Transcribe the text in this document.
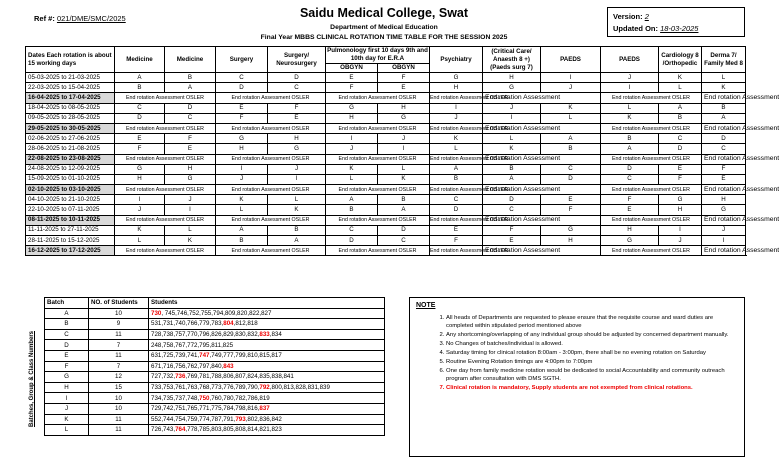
Ref #: 021/DME/SMC/2025	Saidu Medical College, Swat
Department of Medical Education
Final Year MBBS CLINICAL ROTATION TIME TABLE FOR THE SESSION 2025
Version: 2
Updated On: 18-03-2025
Dates Each rotation is about 15 working days	Medicine	Medicine	Surgery	Surgery/ Neurosurgery	Pulmonology first 10 days 9th and 10th day for E.R.A		Psychiatry	(Critical Care/ Anaesth 8 +) (Paeds surg 7)	PAEDS	PAEDS	Cardiology 8 /Orthopedic	Derma 7/ Family Med 8
					OBGYN	OBGYN						
05-03-2025 to 21-03-2025	A	B	C	D	E	F	G	H	I	J	K	L
22-03-2025 to 15-04-2025	B	A	D	C	F	E	H	G	J	I	L	K
16-04-2025 to 17-04-2025	End rotation Assessment OSLER		End rotation Assessment OSLER		End rotation Assessment OSLER		End rotation Assessment OSLER	End rotation Assessment		End rotation Assessment OSLER		End rotation Assessment
18-04-2025 to 08-05-2025	C	D	E	F	G	H	I	J	K	L	A	B
09-05-2025 to 28-05-2025	D	C	F	E	H	G	J	I	L	K	B	A
29-05-2025 to 30-05-2025	End rotation Assessment OSLER		End rotation Assessment OSLER		End rotation Assessment OSLER		End rotation Assessment OSLER	End rotation Assessment		End rotation Assessment OSLER		End rotation Assessment
02-06-2025 to 27-06-2025	E	F	G	H	I	J	K	L	A	B	C	D
28-06-2025 to 21-08-2025	F	E	H	G	J	I	L	K	B	A	D	C
22-08-2025 to 23-08-2025	End rotation Assessment OSLER		End rotation Assessment OSLER		End rotation Assessment OSLER		End rotation Assessment OSLER	End rotation Assessment		End rotation Assessment OSLER		End rotation Assessment
24-08-2025 to 12-09-2025	G	H	I	J	K	L	A	B	C	D	E	F
15-09-2025 to 01-10-2025	H	G	J	I	L	K	B	A	D	C	F	E
02-10-2025 to 03-10-2025	End rotation Assessment OSLER		End rotation Assessment OSLER		End rotation Assessment OSLER		End rotation Assessment OSLER	End rotation Assessment		End rotation Assessment OSLER		End rotation Assessment
04-10-2025 to 21-10-2025	I	J	K	L	A	B	C	D	E	F	G	H
22-10-2025 to 07-11-2025	J	I	L	K	B	A	D	C	F	E	H	G
08-11-2025 to 10-11-2025	End rotation Assessment OSLER		End rotation Assessment OSLER		End rotation Assessment OSLER		End rotation Assessment OSLER	End rotation Assessment		End rotation Assessment OSLER		End rotation Assessment
11-11-2025 to 27-11-2025	K	L	A	B	C	D	E	F	G	H	I	J
28-11-2025 to 15-12-2025	L	K	B	A	D	C	F	E	H	G	J	I
16-12-2025 to 17-12-2025	End rotation Assessment OSLER		End rotation Assessment OSLER		End rotation Assessment OSLER		End rotation Assessment OSLER	End rotation Assessment		End rotation Assessment OSLER		End rotation Assessment
Batches, Group & Class Numbers
Batch	NO. of Students	Students
A	10	730, 745,746,752,755,794,809,820,822,827
B	9	531,731,740,766,779,783,804,812,818
C	11	728,738,757,770,796,826,829,830,832,833,834
D	7	248,758,767,772,795,811,825
E	11	631,725,739,741,747,749,777,799,810,815,817
F	7	671,716,756,762,797,840,843
G	12	727,732,736,769,781,788,806,807,824,835,838,841
H	15	733,753,761,763,768,773,776,789,790,792,800,813,828,831,839
I	10	734,735,737,748,750,760,780,782,786,819
J	10	729,742,751,765,771,775,784,798,816,837
K	11	552,744,754,759,774,787,791,793,802,836,842
L	11	726,743,764,778,785,803,805,808,814,821,823
NOTE
1. All heads of Departments are requested to please ensure that the requisite course and ward duties are completed within stipulated period mentioned above
2. Any shortcoming/overlapping of any individual group should be adjusted by concerned department manually.
3. No Changes of batches/individual is allowed.
4. Saturday timing for clinical rotation 8:00am - 3:00pm, there shall be no evening rotation on Saturday
5. Routine Evening Rotation timings are 4:00pm to 7:00pm
6. One day from family medicine rotation would be dedicated to social Accountability and community outreach program after consultation with DMS SGTH.
7. Clinical rotation is mandatory, Supply students are not exempted from clinical rotations.
